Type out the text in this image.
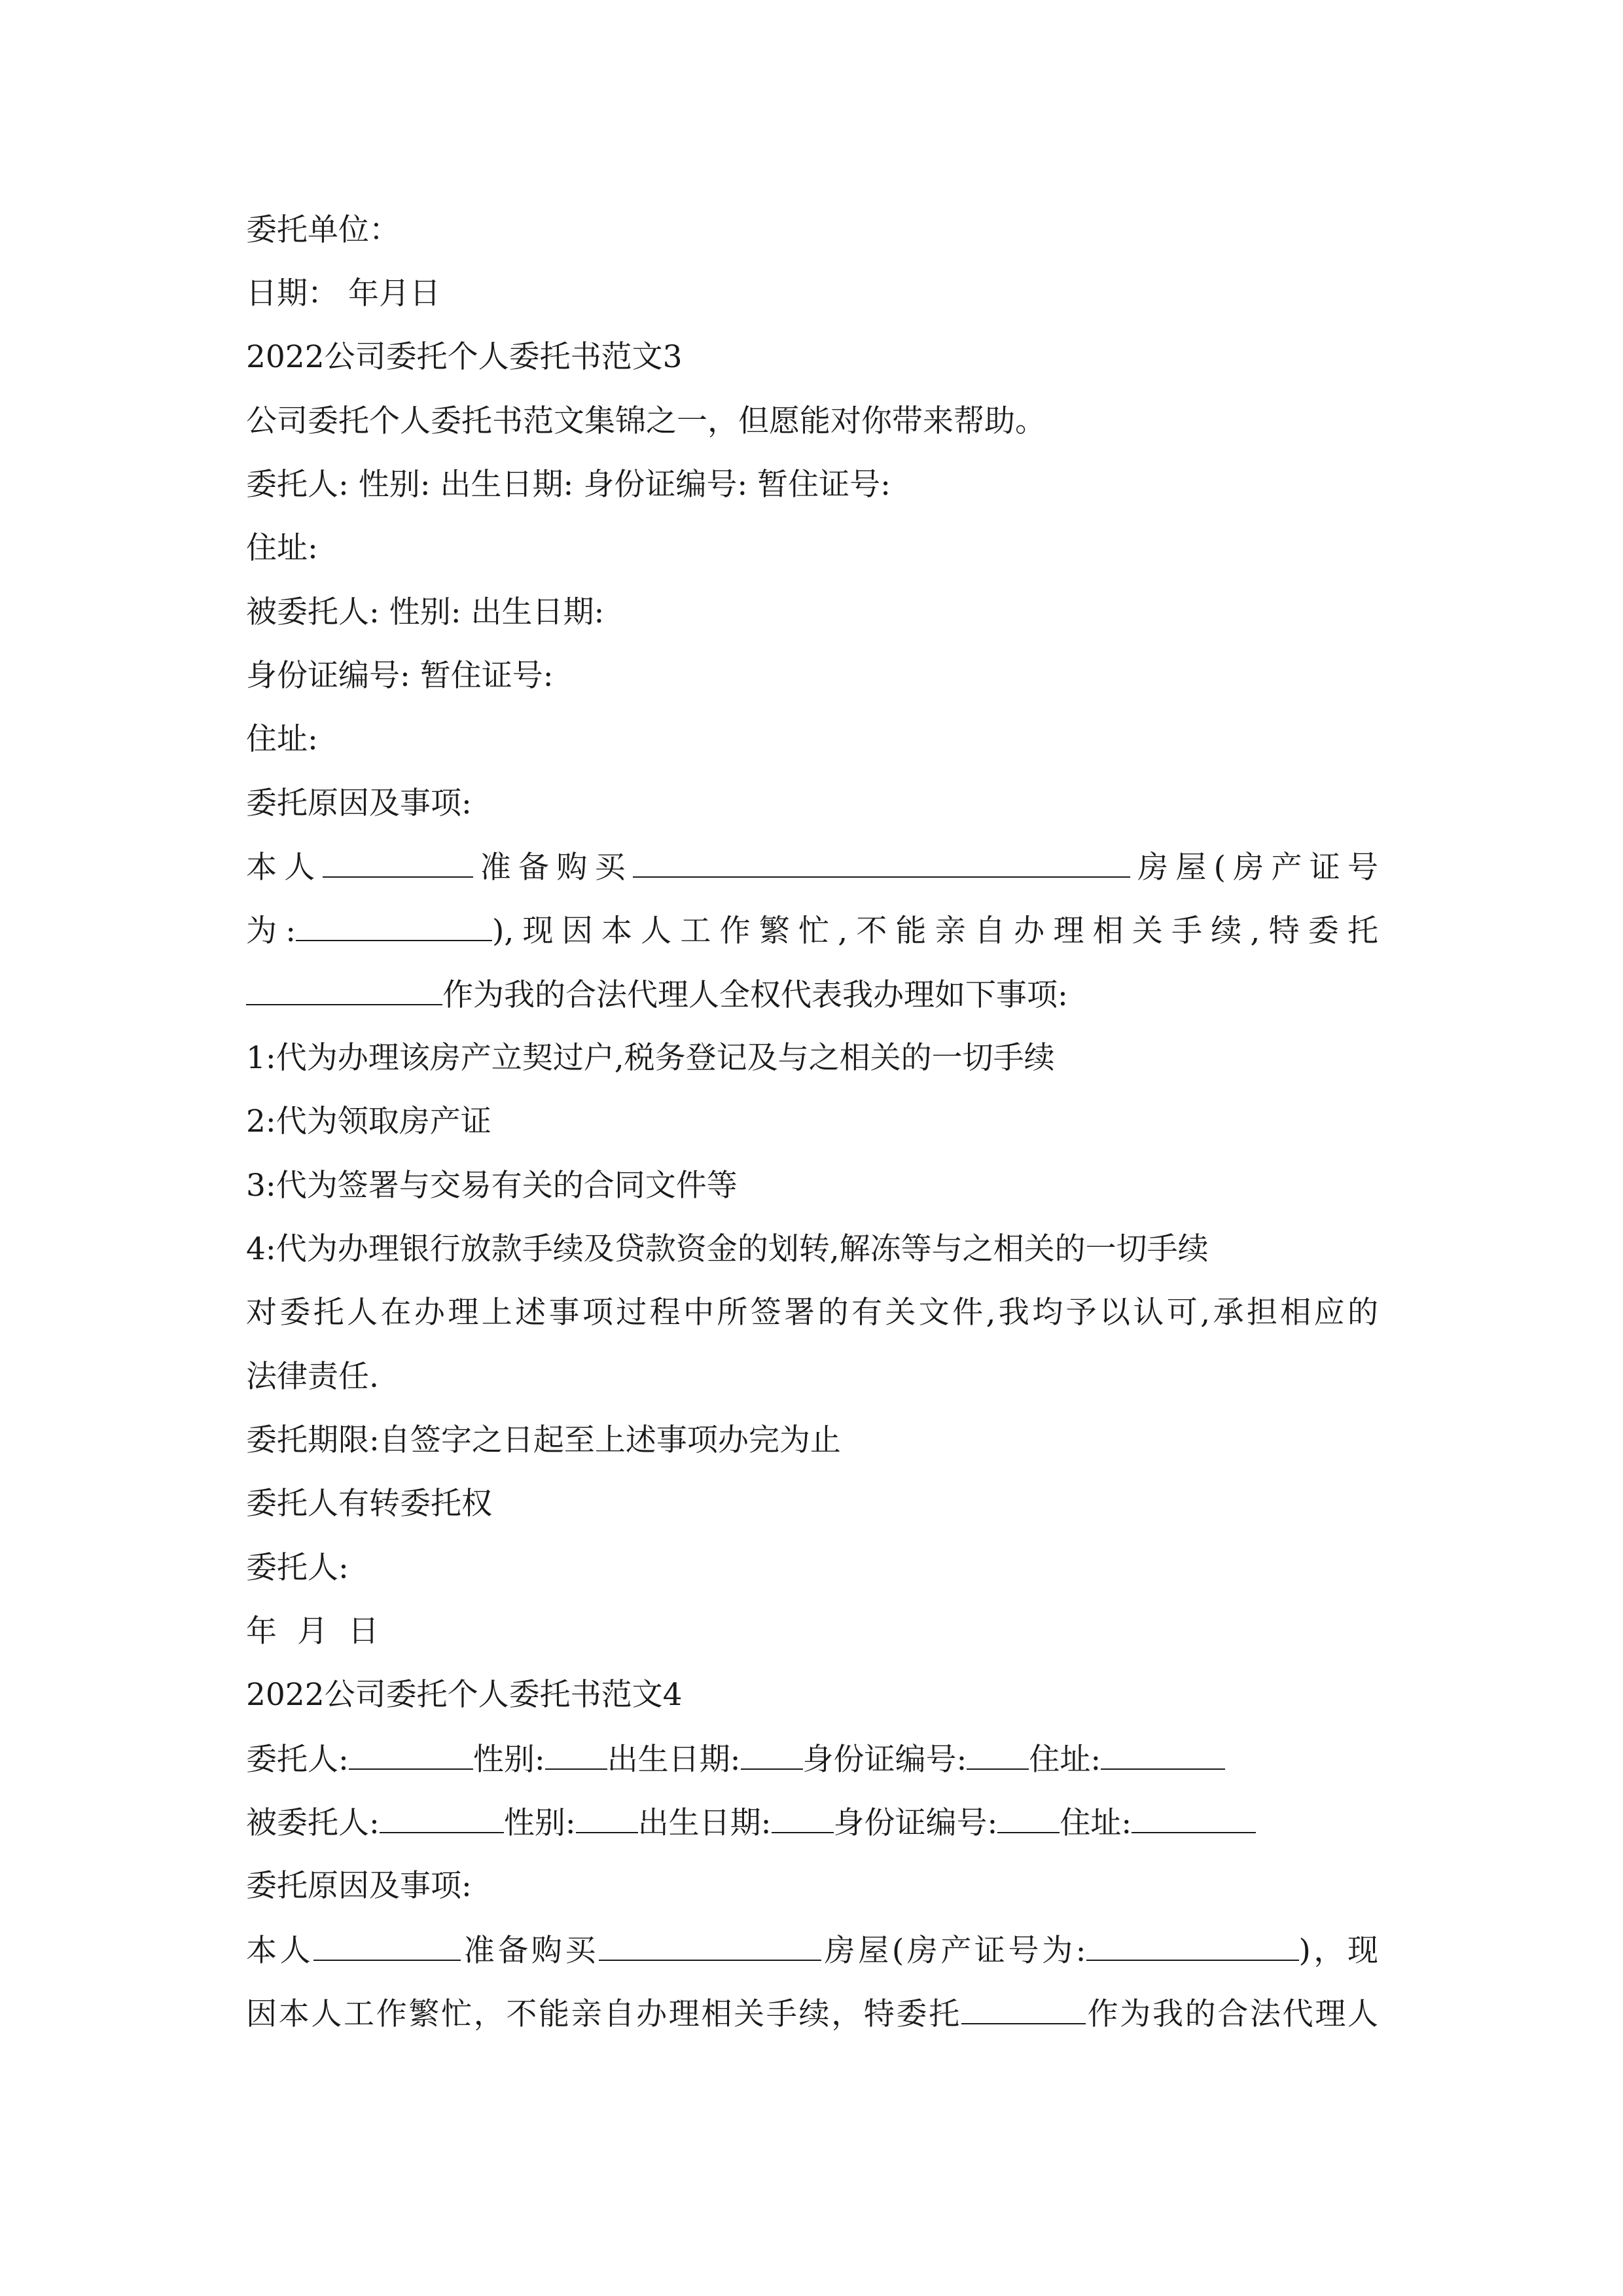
委托单位：
日期： 年月日
2022公司委托个人委托书范文3
公司委托个人委托书范文集锦之一，但愿能对你带来帮助。
委托人: 性别: 出生日期: 身份证编号: 暂住证号:
住址:
被委托人: 性别: 出生日期:
身份证编号: 暂住证号:
住址:
委托原因及事项:
本人	准备购买	房屋(房产证号
为:	),现因本人工作繁忙,不能亲自办理相关手续,特委托
作为我的合法代理人全权代表我办理如下事项:
1:代为办理该房产立契过户,税务登记及与之相关的一切手续
2:代为领取房产证
3:代为签署与交易有关的合同文件等
4:代为办理银行放款手续及贷款资金的划转,解冻等与之相关的一切手续
对委托人在办理上述事项过程中所签署的有关文件,我均予以认可,承担相应的
法律责任.
委托期限:自签字之日起至上述事项办完为止
委托人有转委托权
委托人:
年 月 日
2022公司委托个人委托书范文4
委托人:	性别: 出生日期: 身份证编号: 住址:
被委托人:	性别: 出生日期: 身份证编号: 住址:
委托原因及事项:
本人	准备购买	房屋(房产证号为:	)，现
因本人工作繁忙，不能亲自办理相关手续，特委托	作为我的合法代理人
